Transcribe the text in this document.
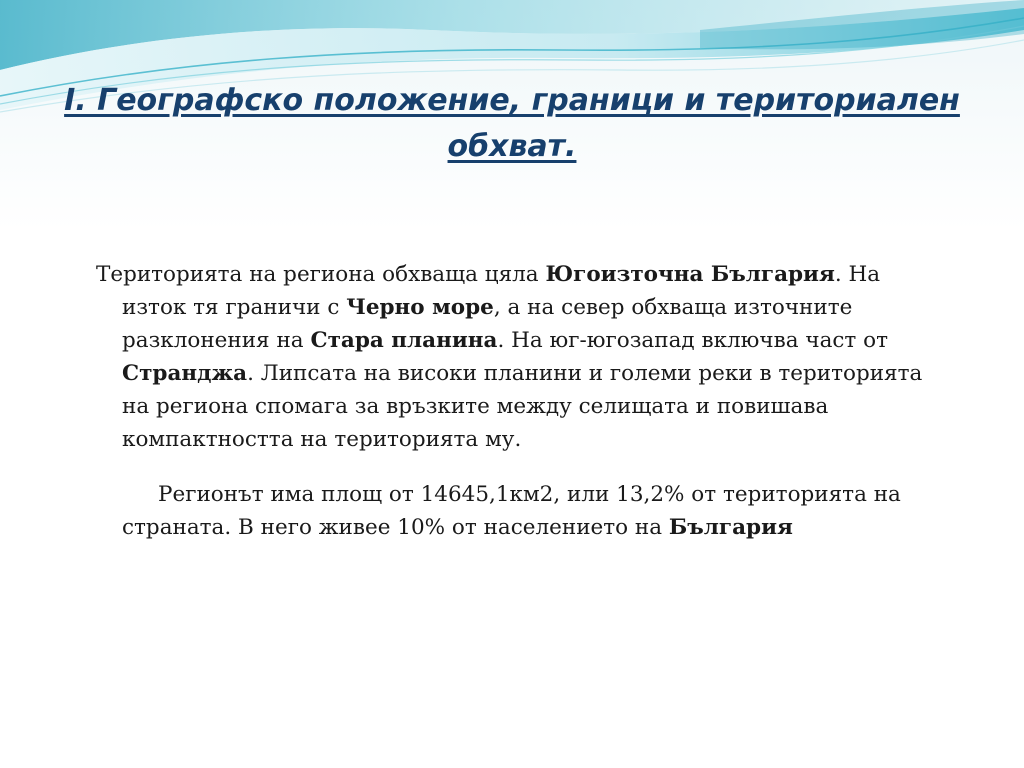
I. Географско положение, граници и териториален
обхват.

Територията на региона обхваща цяла Югоизточна България. На изток тя граничи с Черно море, а на север обхваща източните разклонения на Стара планина. На юг-югозапад включва част от Странджа. Липсата на високи планини и големи реки в територията на региона спомага за връзките между селищата и повишава компактността на територията му.

Регионът има площ от 14645,1км2, или 13,2% от територията на страната. В него живее 10% от населението на България
